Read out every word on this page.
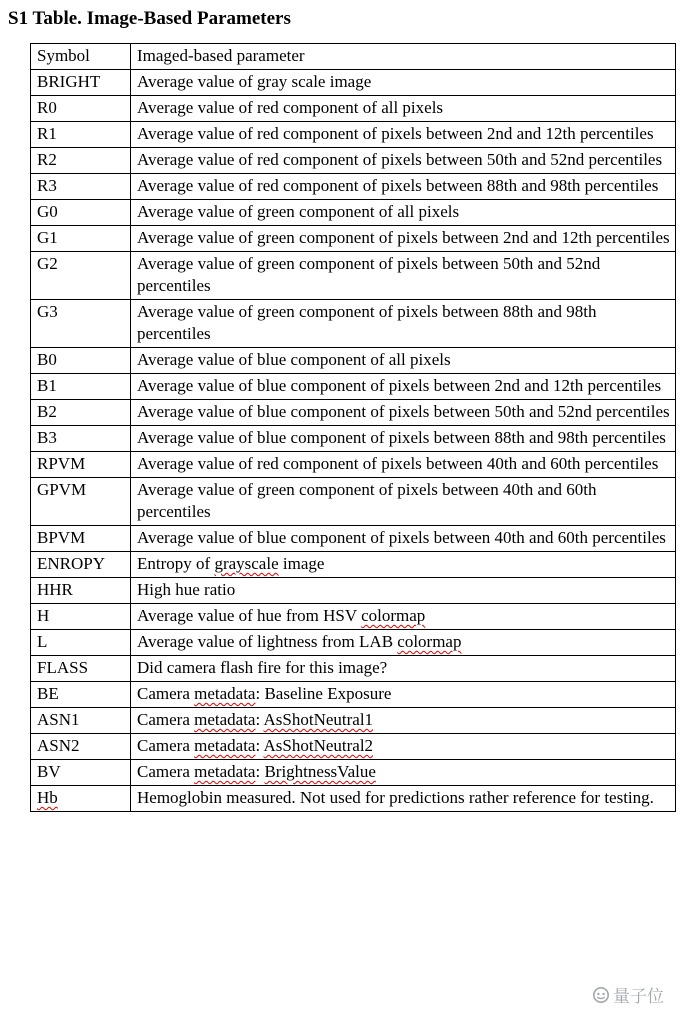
S1 Table. Image-Based Parameters
Symbol	Imaged-based parameter
BRIGHT	Average value of gray scale image
R0	Average value of red component of all pixels
R1	Average value of red component of pixels between 2nd and 12th percentiles
R2	Average value of red component of pixels between 50th and 52nd percentiles
R3	Average value of red component of pixels between 88th and 98th percentiles
G0	Average value of green component of all pixels
G1	Average value of green component of pixels between 2nd and 12th percentiles
G2	Average value of green component of pixels between 50th and 52nd percentiles
G3	Average value of green component of pixels between 88th and 98th percentiles
B0	Average value of blue component of all pixels
B1	Average value of blue component of pixels between 2nd and 12th percentiles
B2	Average value of blue component of pixels between 50th and 52nd percentiles
B3	Average value of blue component of pixels between 88th and 98th percentiles
RPVM	Average value of red component of pixels between 40th and 60th percentiles
GPVM	Average value of green component of pixels between 40th and 60th percentiles
BPVM	Average value of blue component of pixels between 40th and 60th percentiles
ENROPY	Entropy of grayscale image
HHR	High hue ratio
H	Average value of hue from HSV colormap
L	Average value of lightness from LAB colormap
FLASS	Did camera flash fire for this image?
BE	Camera metadata: Baseline Exposure
ASN1	Camera metadata: AsShotNeutral1
ASN2	Camera metadata: AsShotNeutral2
BV	Camera metadata: BrightnessValue
Hb	Hemoglobin measured. Not used for predictions rather reference for testing.
量子位
